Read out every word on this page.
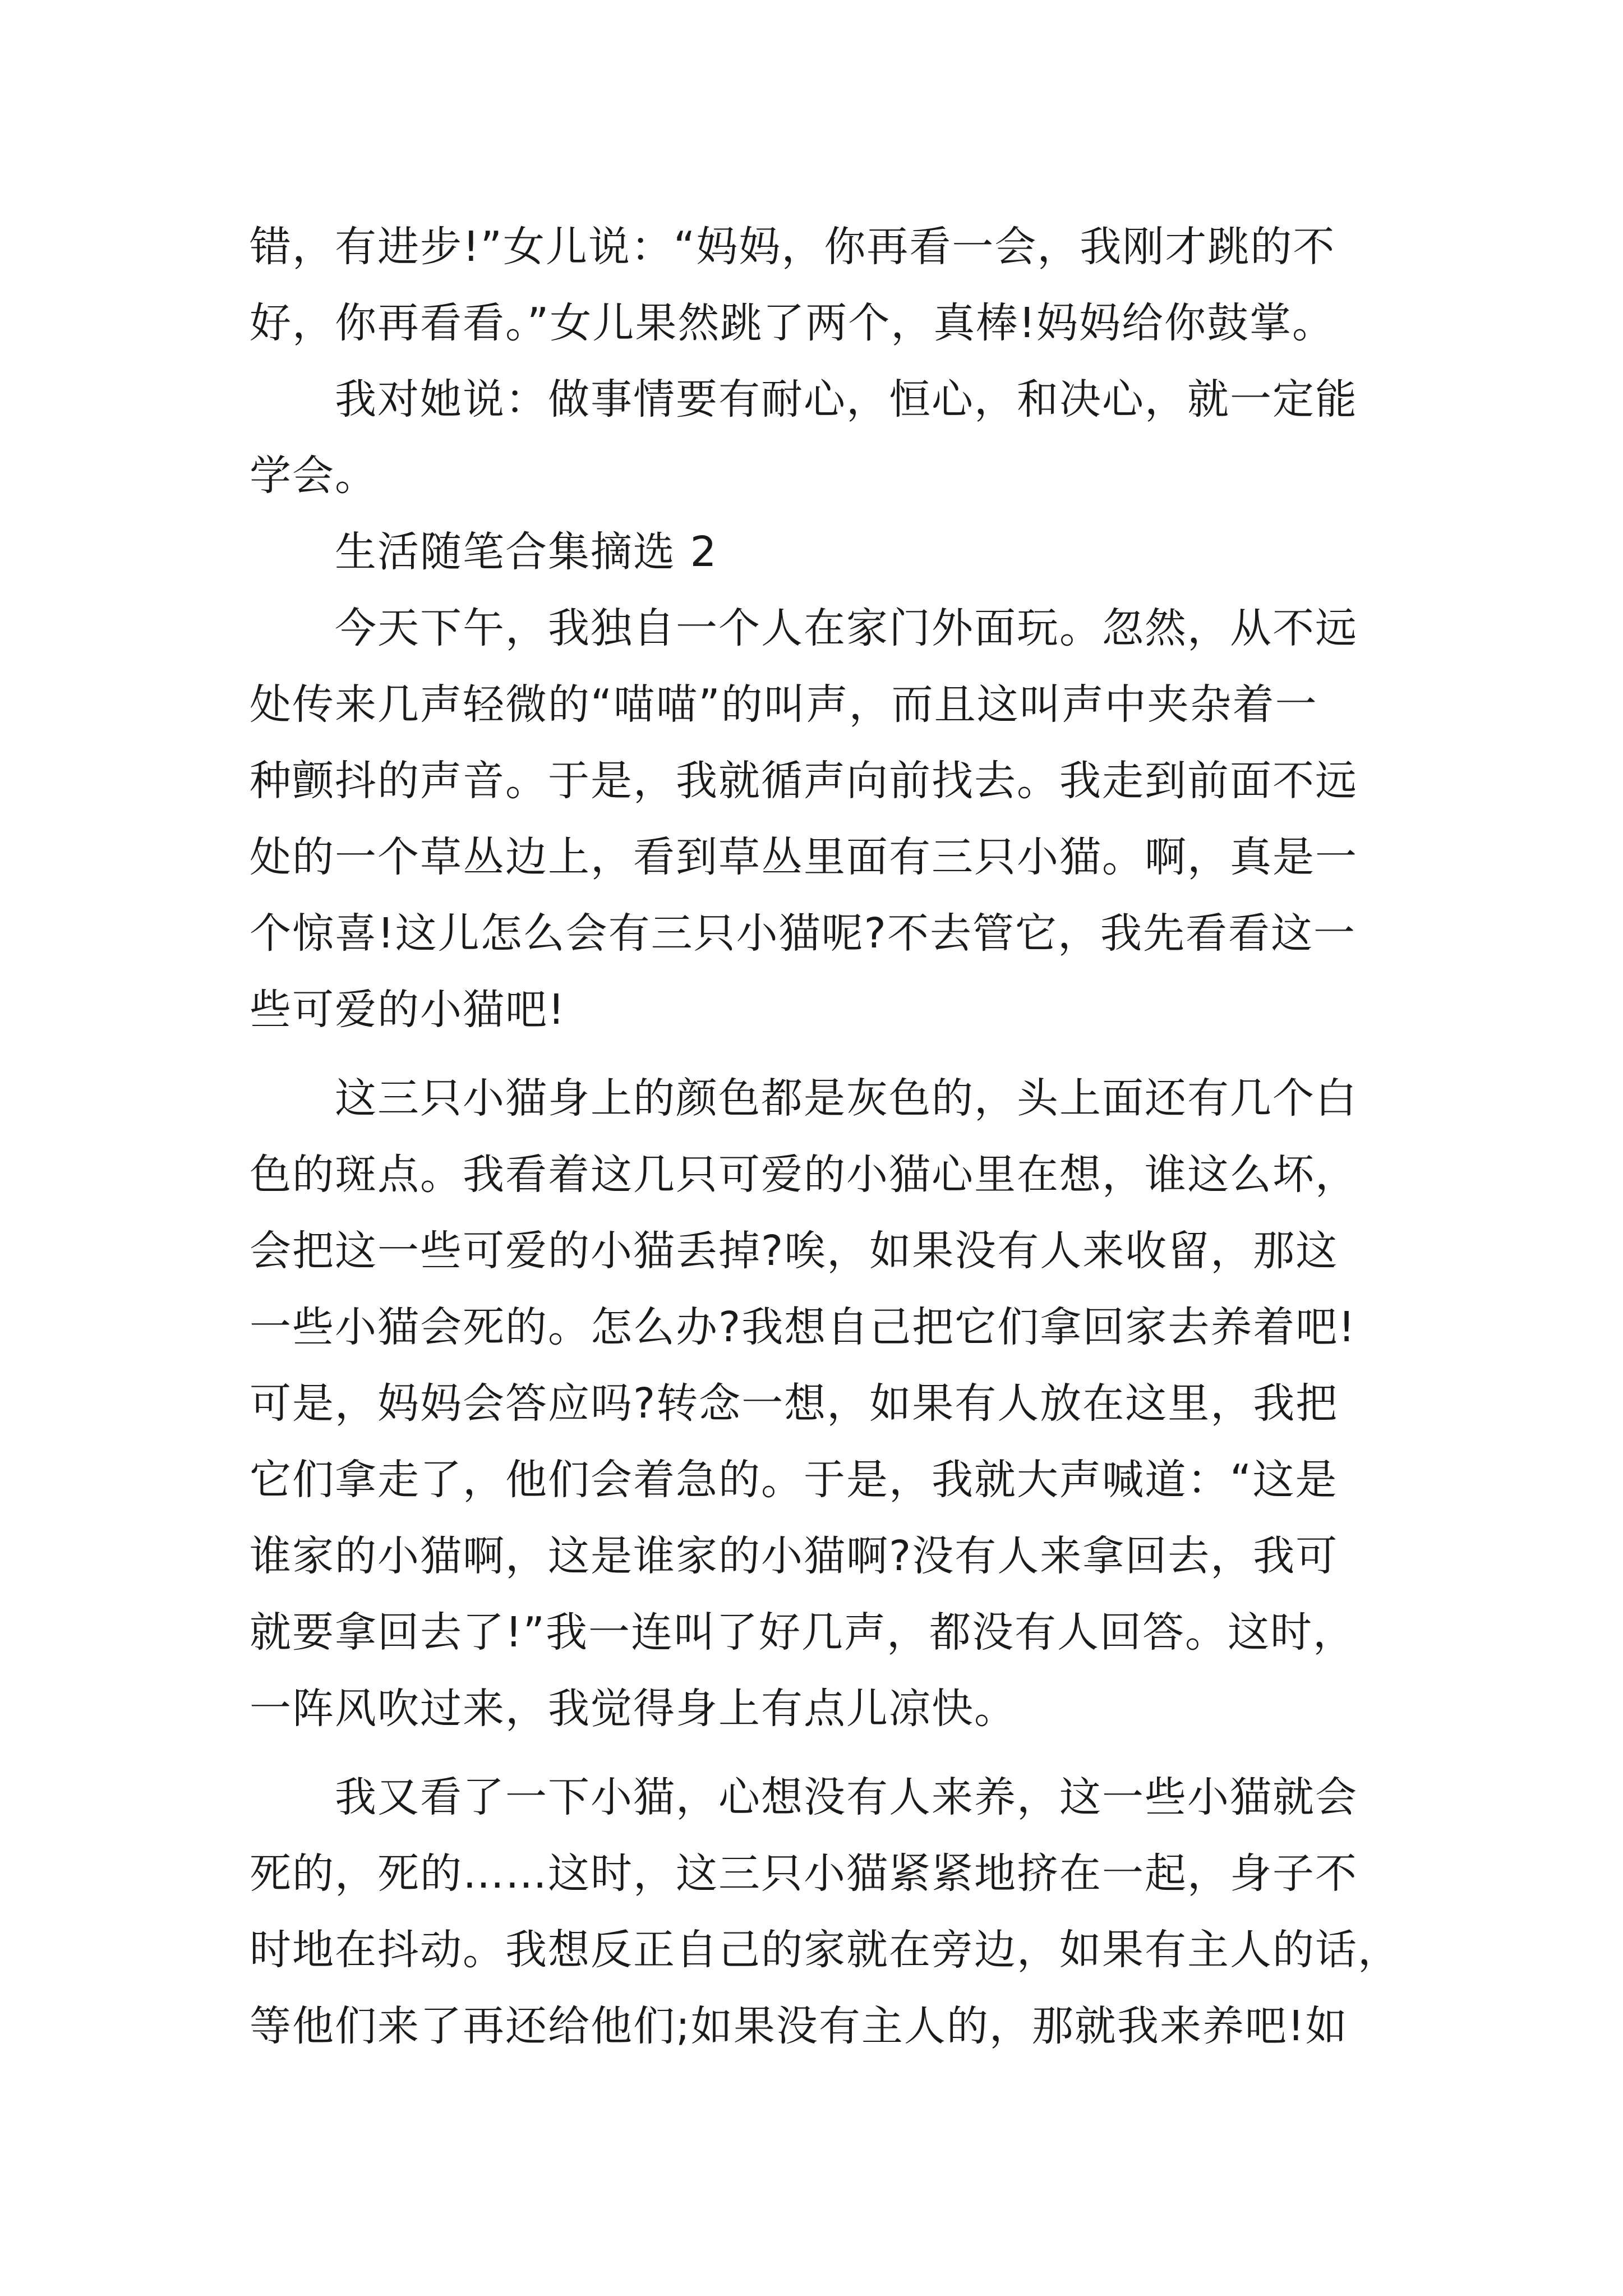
错，有进步!”女儿说：“妈妈，你再看一会，我刚才跳的不
好，你再看看。”女儿果然跳了两个，真棒!妈妈给你鼓掌。
我对她说：做事情要有耐心，恒心，和决心，就一定能
学会。
生活随笔合集摘选 2
今天下午，我独自一个人在家门外面玩。忽然，从不远
处传来几声轻微的“喵喵”的叫声，而且这叫声中夹杂着一
种颤抖的声音。于是，我就循声向前找去。我走到前面不远
处的一个草丛边上，看到草丛里面有三只小猫。啊，真是一
个惊喜!这儿怎么会有三只小猫呢?不去管它，我先看看这一
些可爱的小猫吧!
这三只小猫身上的颜色都是灰色的，头上面还有几个白
色的斑点。我看着这几只可爱的小猫心里在想，谁这么坏，
会把这一些可爱的小猫丢掉?唉，如果没有人来收留，那这
一些小猫会死的。怎么办?我想自己把它们拿回家去养着吧!
可是，妈妈会答应吗?转念一想，如果有人放在这里，我把
它们拿走了，他们会着急的。于是，我就大声喊道：“这是
谁家的小猫啊，这是谁家的小猫啊?没有人来拿回去，我可
就要拿回去了!”我一连叫了好几声，都没有人回答。这时，
一阵风吹过来，我觉得身上有点儿凉快。
我又看了一下小猫，心想没有人来养，这一些小猫就会
死的，死的……这时，这三只小猫紧紧地挤在一起，身子不
时地在抖动。我想反正自己的家就在旁边，如果有主人的话，
等他们来了再还给他们;如果没有主人的，那就我来养吧!如
